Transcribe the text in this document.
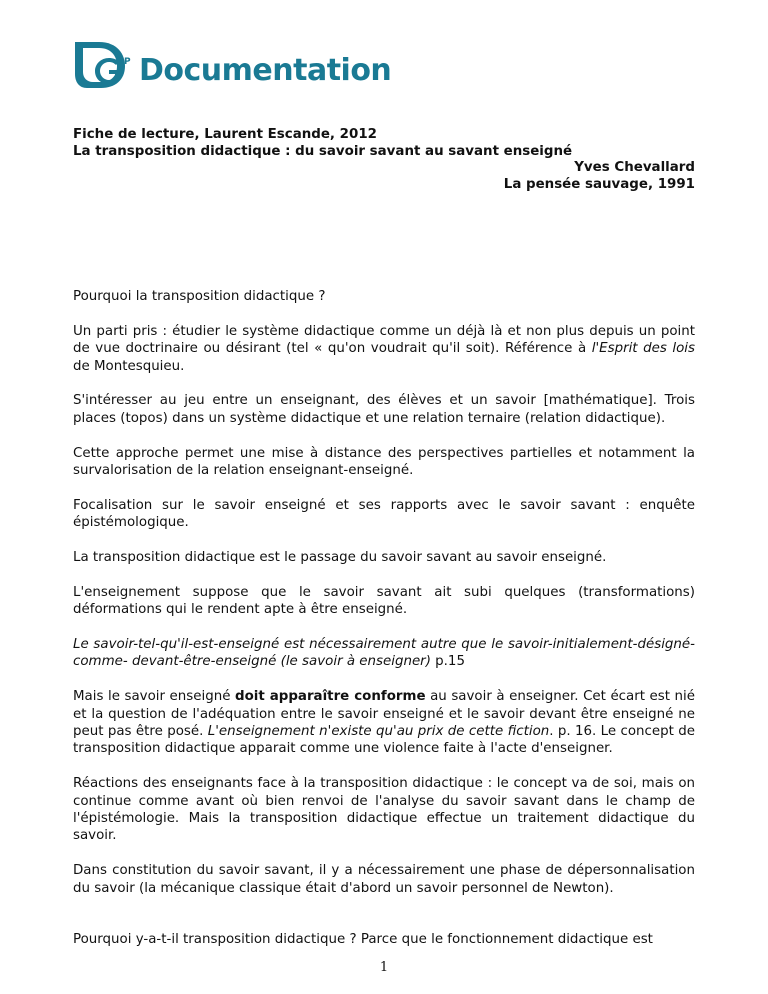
AP Documentation
Fiche de lecture, Laurent Escande, 2012
La transposition didactique : du savoir savant au savant enseigné
Yves Chevallard
La pensée sauvage, 1991

Pourquoi la transposition didactique ?

Un parti pris : étudier le système didactique comme un déjà là et non plus depuis un point de vue doctrinaire ou désirant (tel « qu'on voudrait qu'il soit). Référence à l'Esprit des lois de Montesquieu.

S'intéresser au jeu entre un enseignant, des élèves et un savoir [mathématique]. Trois places (topos) dans un système didactique et une relation ternaire (relation didactique).

Cette approche permet une mise à distance des perspectives partielles et notamment la survalorisation de la relation enseignant-enseigné.

Focalisation sur le savoir enseigné et ses rapports avec le savoir savant : enquête épistémologique.

La transposition didactique est le passage du savoir savant au savoir enseigné.

L'enseignement suppose que le savoir savant ait subi quelques (transformations) déformations qui le rendent apte à être enseigné.

Le savoir-tel-qu'il-est-enseigné est nécessairement autre que le savoir-initialement-désigné-comme- devant-être-enseigné (le savoir à enseigner) p.15

Mais le savoir enseigné doit apparaître conforme au savoir à enseigner. Cet écart est nié et la question de l'adéquation entre le savoir enseigné et le savoir devant être enseigné ne peut pas être posé. L'enseignement n'existe qu'au prix de cette fiction. p. 16. Le concept de transposition didactique apparait comme une violence faite à l'acte d'enseigner.

Réactions des enseignants face à la transposition didactique : le concept va de soi, mais on continue comme avant où bien renvoi de l'analyse du savoir savant dans le champ de l'épistémologie. Mais la transposition didactique effectue un traitement didactique du savoir.

Dans constitution du savoir savant, il y a nécessairement une phase de dépersonnalisation du savoir (la mécanique classique était d'abord un savoir personnel de Newton).

Pourquoi y-a-t-il transposition didactique ? Parce que le fonctionnement didactique est

1
